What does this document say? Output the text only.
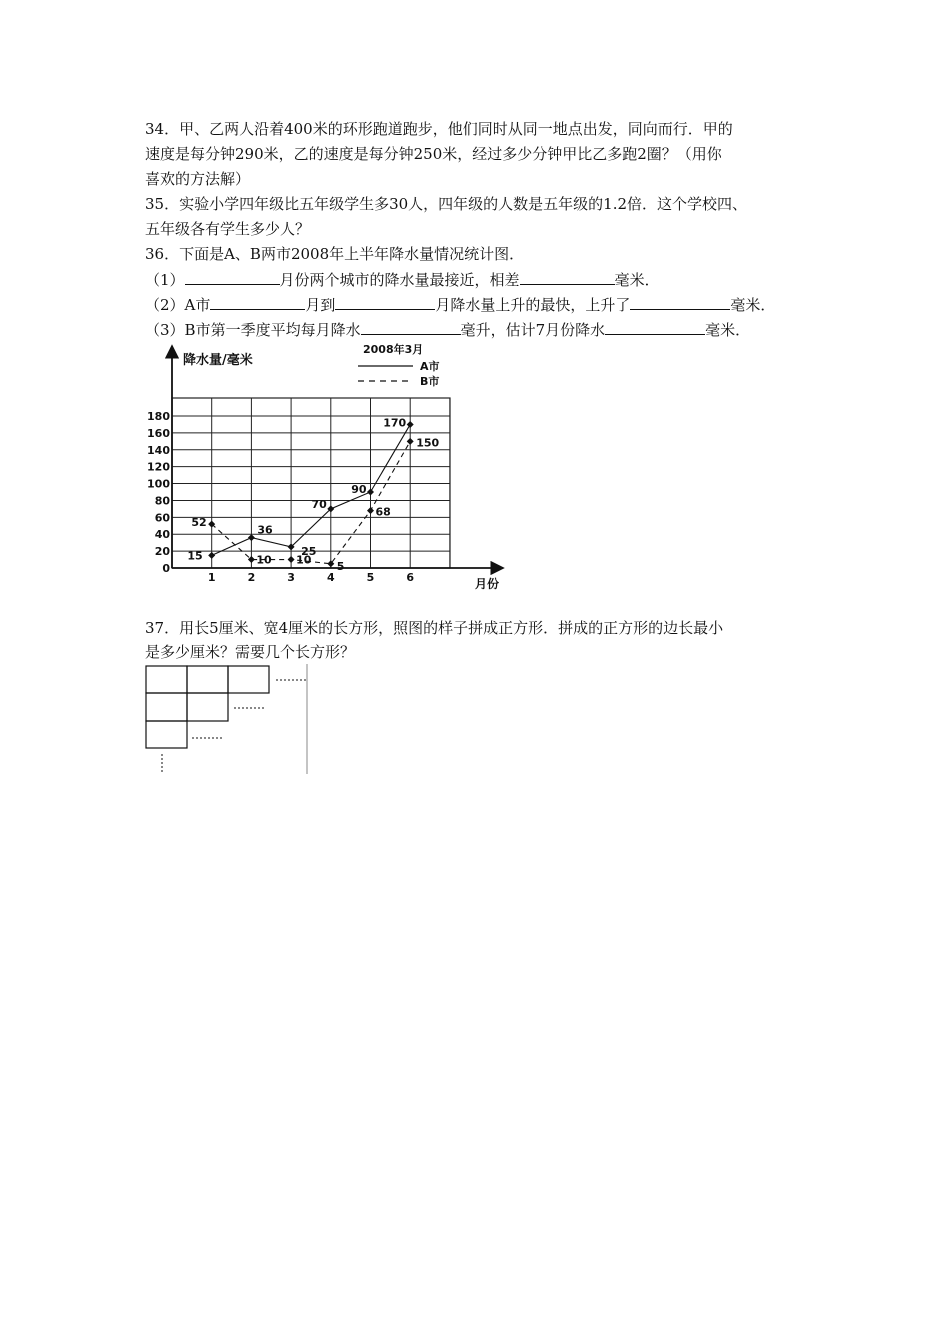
34．甲、乙两人沿着400米的环形跑道跑步，他们同时从同一地点出发，同向而行．甲的
速度是每分钟290米，乙的速度是每分钟250米，经过多少分钟甲比乙多跑2圈？（用你
喜欢的方法解）
35．实验小学四年级比五年级学生多30人，四年级的人数是五年级的1.2倍．这个学校四、
五年级各有学生多少人？
36．下面是A、B两市2008年上半年降水量情况统计图．
（1）	月份两个城市的降水量最接近，相差	毫米．
（2）A市	月到	月降水量上升的最快，上升了	毫米．
（3）B市第一季度平均每月降水	毫升，估计7月份降水	毫米．
降水量/毫米
月份
2008年3月
A市
B市
0
20
40
60
80
100
120
140
160
180
1	2	3	4	5	6
15
36
25
70
90
170
52
10 10 5
68
150
37．用长5厘米、宽4厘米的长方形，照图的样子拼成正方形．拼成的正方形的边长最小
是多少厘米？需要几个长方形？
